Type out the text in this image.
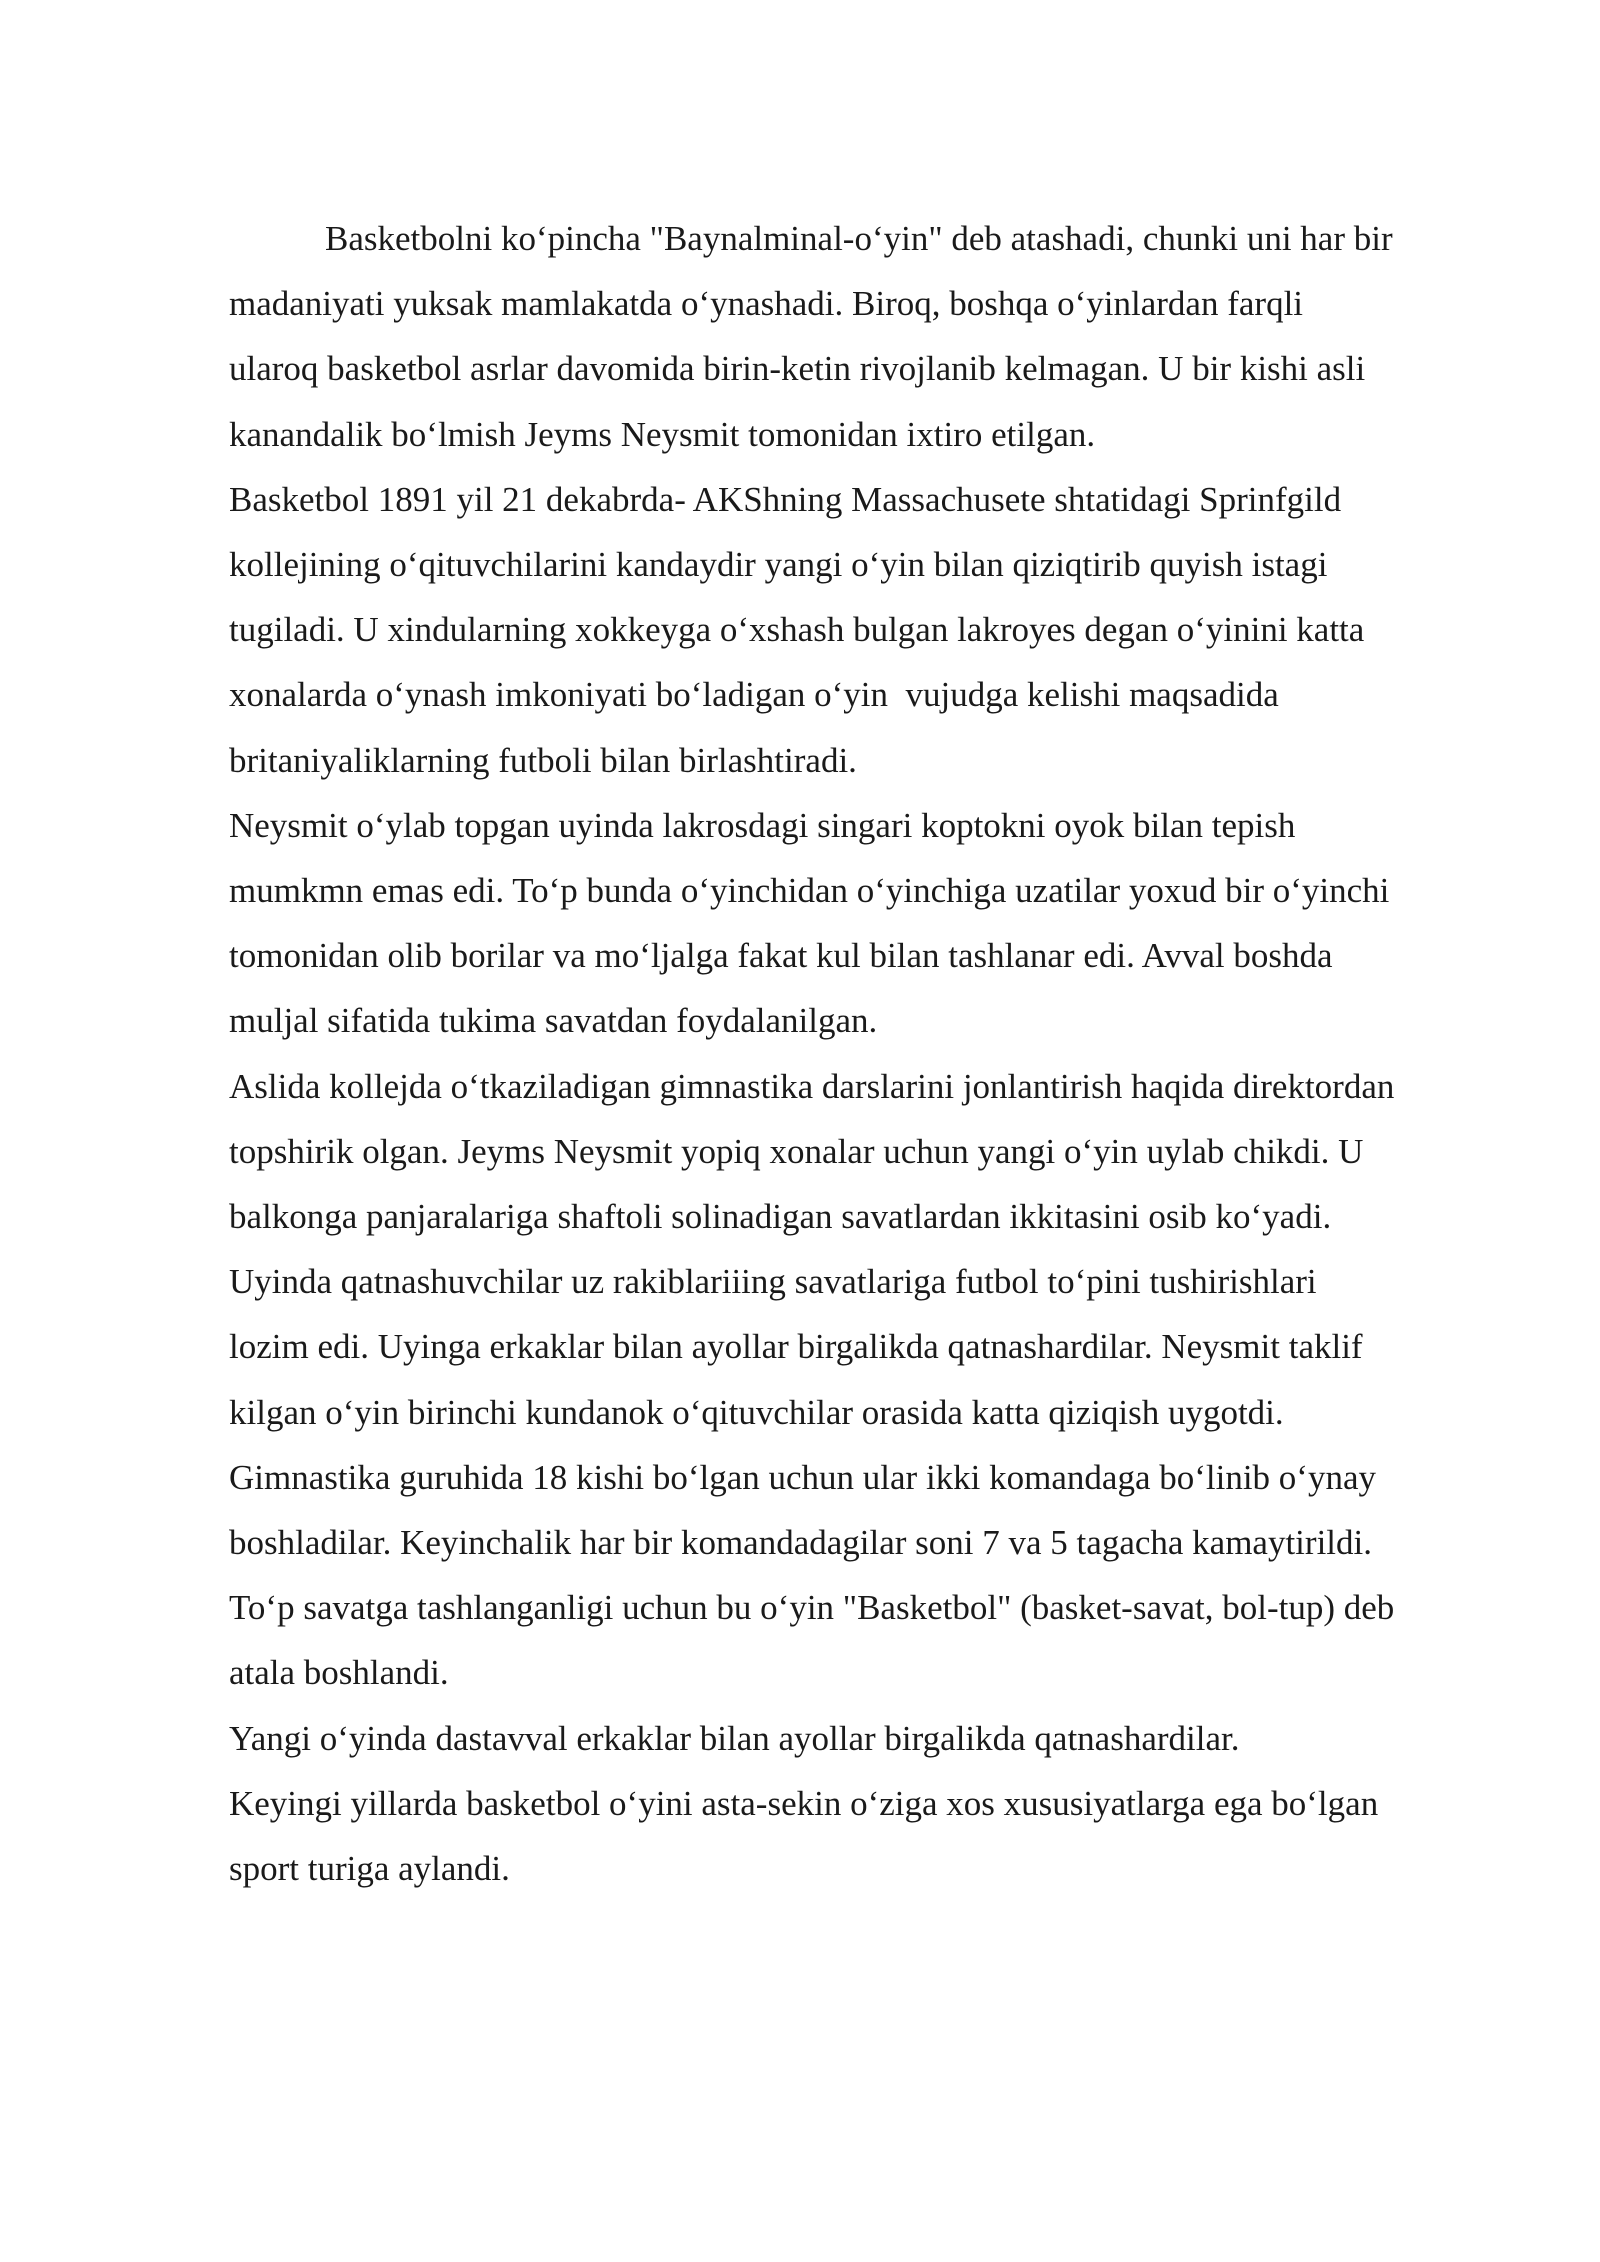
Basketbolni ko‘pincha "Baynalminal-o‘yin" deb atashadi, chunki uni har bir
madaniyati yuksak mamlakatda o‘ynashadi. Biroq, boshqa o‘yinlardan farqli
ularoq basketbol asrlar davomida birin-ketin rivojlanib kelmagan. U bir kishi asli
kanandalik bo‘lmish Jeyms Neysmit tomonidan ixtiro etilgan.

Basketbol 1891 yil 21 dekabrda- AKShning Massachusete shtatidagi Sprinfgild
kollejining o‘qituvchilarini kandaydir yangi o‘yin bilan qiziqtirib quyish istagi
tugiladi. U xindularning xokkeyga o‘xshash bulgan lakroyes degan o‘yinini katta
xonalarda o‘ynash imkoniyati bo‘ladigan o‘yin  vujudga kelishi maqsadida
britaniyaliklarning futboli bilan birlashtiradi.

Neysmit o‘ylab topgan uyinda lakrosdagi singari koptokni oyok bilan tepish
mumkmn emas edi. To‘p bunda o‘yinchidan o‘yinchiga uzatilar yoxud bir o‘yinchi
tomonidan olib borilar va mo‘ljalga fakat kul bilan tashlanar edi. Avval boshda
muljal sifatida tukima savatdan foydalanilgan.

Aslida kollejda o‘tkaziladigan gimnastika darslarini jonlantirish haqida direktordan
topshirik olgan. Jeyms Neysmit yopiq xonalar uchun yangi o‘yin uylab chikdi. U
balkonga panjaralariga shaftoli solinadigan savatlardan ikkitasini osib ko‘yadi.
Uyinda qatnashuvchilar uz rakiblariiing savatlariga futbol to‘pini tushirishlari
lozim edi. Uyinga erkaklar bilan ayollar birgalikda qatnashardilar. Neysmit taklif
kilgan o‘yin birinchi kundanok o‘qituvchilar orasida katta qiziqish uygotdi.
Gimnastika guruhida 18 kishi bo‘lgan uchun ular ikki komandaga bo‘linib o‘ynay
boshladilar. Keyinchalik har bir komandadagilar soni 7 va 5 tagacha kamaytirildi.
To‘p savatga tashlanganligi uchun bu o‘yin "Basketbol" (basket-savat, bol-tup) deb
atala boshlandi.

Yangi o‘yinda dastavval erkaklar bilan ayollar birgalikda qatnashardilar.

Keyingi yillarda basketbol o‘yini asta-sekin o‘ziga xos xususiyatlarga ega bo‘lgan
sport turiga aylandi.
